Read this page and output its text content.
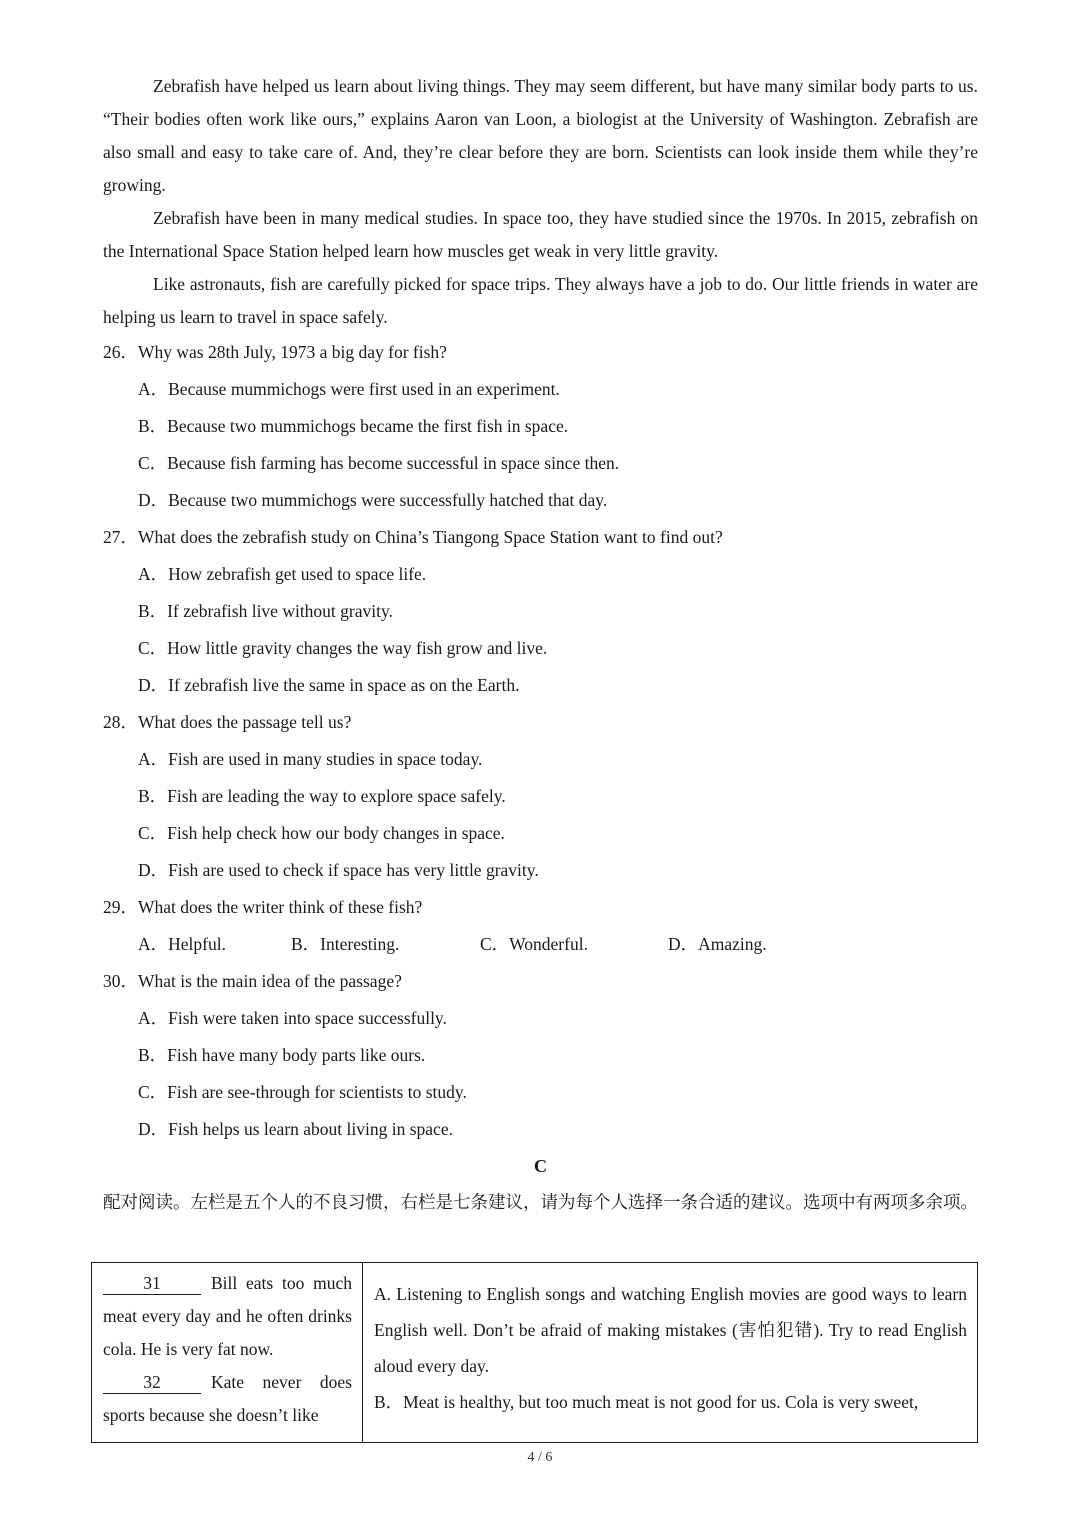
Zebrafish have helped us learn about living things. They may seem different, but have many similar body parts to us. “Their bodies often work like ours,” explains Aaron van Loon, a biologist at the University of Washington. Zebrafish are also small and easy to take care of. And, they’re clear before they are born. Scientists can look inside them while they’re growing.

Zebrafish have been in many medical studies. In space too, they have studied since the 1970s. In 2015, zebrafish on the International Space Station helped learn how muscles get weak in very little gravity.

Like astronauts, fish are carefully picked for space trips. They always have a job to do. Our little friends in water are helping us learn to travel in space safely.

26．Why was 28th July, 1973 a big day for fish?
A．Because mummichogs were first used in an experiment.
B．Because two mummichogs became the first fish in space.
C．Because fish farming has become successful in space since then.
D．Because two mummichogs were successfully hatched that day.
27．What does the zebrafish study on China’s Tiangong Space Station want to find out?
A．How zebrafish get used to space life.
B．If zebrafish live without gravity.
C．How little gravity changes the way fish grow and live.
D．If zebrafish live the same in space as on the Earth.
28．What does the passage tell us?
A．Fish are used in many studies in space today.
B．Fish are leading the way to explore space safely.
C．Fish help check how our body changes in space.
D．Fish are used to check if space has very little gravity.
29．What does the writer think of these fish?
A．Helpful.	B．Interesting.	C．Wonderful.	D．Amazing.
30．What is the main idea of the passage?
A．Fish were taken into space successfully.
B．Fish have many body parts like ours.
C．Fish are see-through for scientists to study.
D．Fish helps us learn about living in space.
C

配对阅读。左栏是五个人的不良习惯，右栏是七条建议，请为每个人选择一条合适的建议。选项中有两项多余项。

31	Bill eats too much meat every day and he often drinks cola. He is very fat now.
32	Kate never does sports because she doesn’t like

A. Listening to English songs and watching English movies are good ways to learn English well. Don’t be afraid of making mistakes (害怕犯错). Try to read English aloud every day.
B．Meat is healthy, but too much meat is not good for us. Cola is very sweet,
4 / 6
